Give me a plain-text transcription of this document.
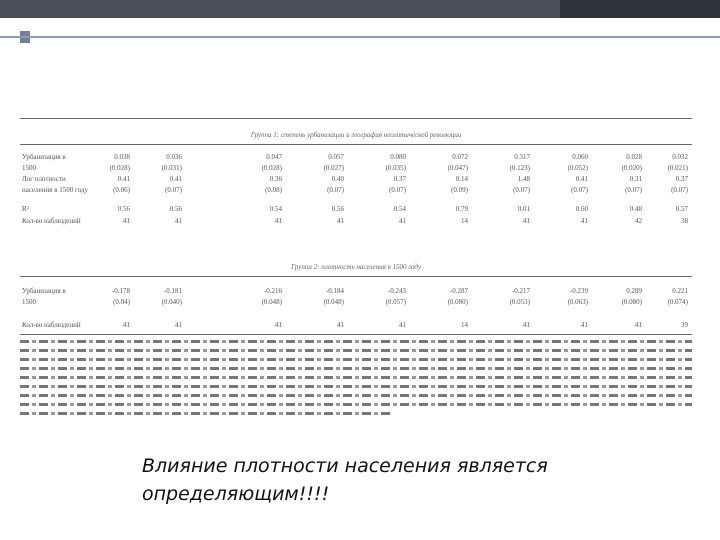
Группа 1: степень урбанизации и география неолитической революции
Урбанизация в	0.038	0.036	0.047	0.057	0.080	0.072	0.317	0.060	0.028	0.032
1500	(0.028)	(0.031)	(0.028)	(0.027)	(0.035)	(0.047)	(0.123)	(0.052)	(0.020)	(0.021)
Лог плотности	0.41	0.41	0.36	0.40	0.37	0.14	1.48	0.41	0.31	0.37
населения в 1500 году	(0.06)	(0.07)	(0.08)	(0.07)	(0.07)	(0.09)	(0.07)	(0.07)	(0.07)	(0.07)
R²	0.56	0.56	0.54	0.56	0.54	0.79	0.01	0.60	0.48	0.57
Кол-во наблюдений	41	41	41	41	41	14	41	41	42	38
Группа 2: плотность населения в 1500 году
Урбанизация в	-0.178	-0.181	-0.216	-0.184	-0.243	-0.287	-0.217	-0.239	0.289	0.221
1500	(0.04)	(0.040)	(0.048)	(0.048)	(0.057)	(0.080)	(0.053)	(0.063)	(0.080)	(0.074)
Кол-во наблюдений	41	41	41	41	41	14	41	41	41	39
Влияние плотности населения является
определяющим!!!!
